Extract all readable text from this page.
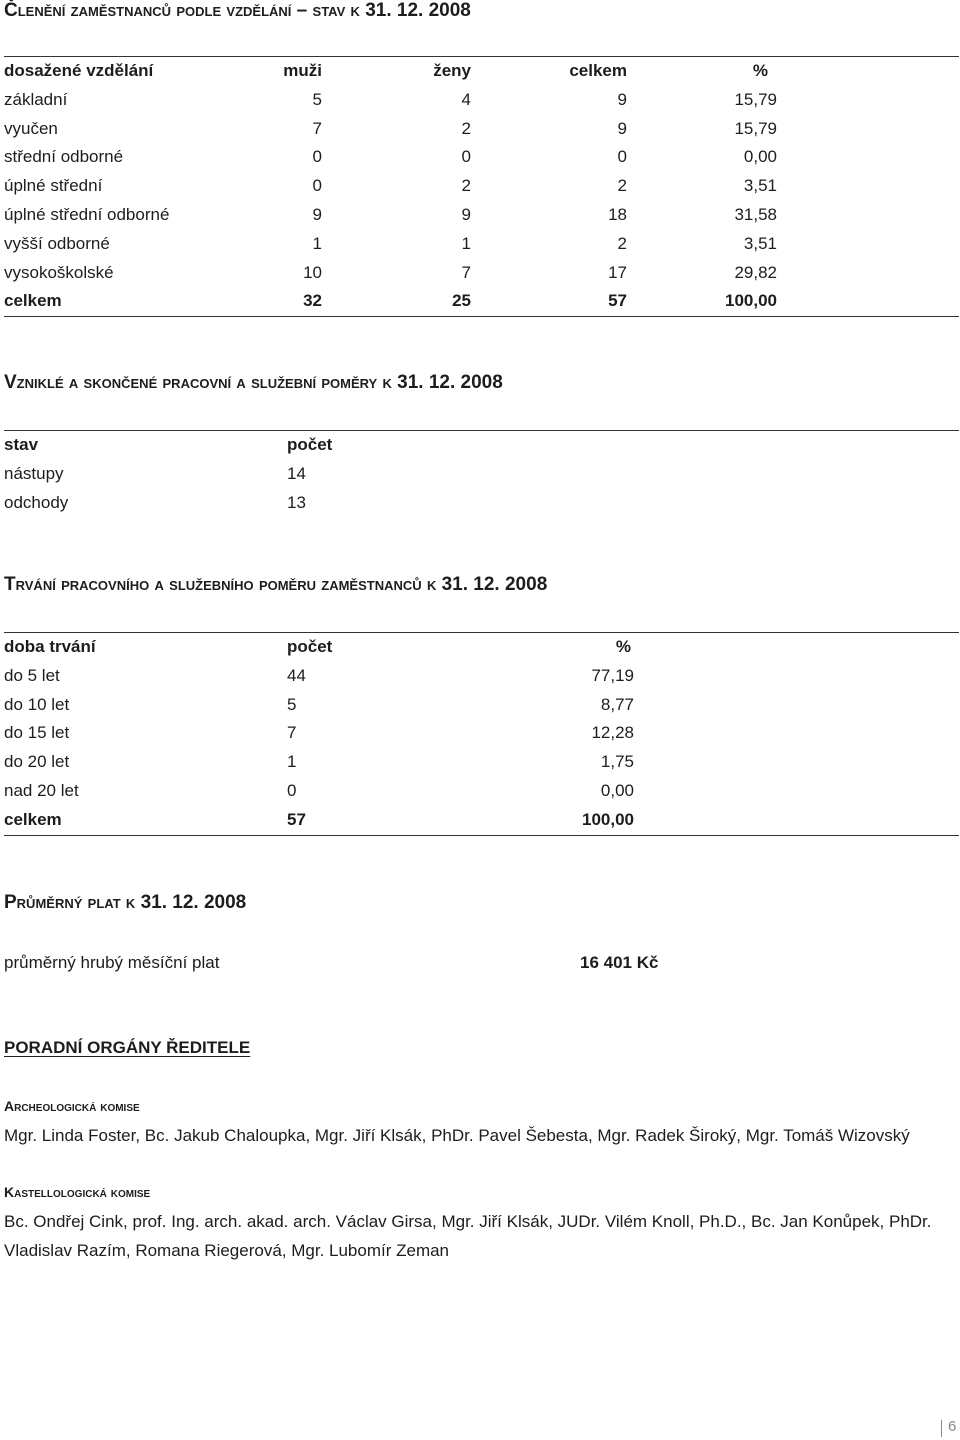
Členění zaměstnanců podle vzdělání – stav k 31. 12. 2008
dosažené vzdělání	muži	ženy	celkem	%	
základní	5	4	9	15,79	
vyučen	7	2	9	15,79	
střední odborné	0	0	0	0,00	
úplné střední	0	2	2	3,51	
úplné střední odborné	9	9	18	31,58	
vyšší odborné	1	1	2	3,51	
vysokoškolské	10	7	17	29,82	
celkem	32	25	57	100,00	
Vzniklé a skončené pracovní a služební poměry k 31. 12. 2008
stav	počet	
nástupy	14	
odchody	13	
Trvání pracovního a služebního poměru zaměstnanců k 31. 12. 2008
doba trvání	počet	%	
do 5 let	44	77,19	
do 10 let	5	8,77	
do 15 let	7	12,28	
do 20 let	1	1,75	
nad 20 let	0	0,00	
celkem	57	100,00	
Průměrný plat k 31. 12. 2008
průměrný hrubý měsíční plat	16 401 Kč
PORADNÍ ORGÁNY ŘEDITELE
Archeologická komise
Mgr. Linda Foster, Bc. Jakub Chaloupka, Mgr. Jiří Klsák, PhDr. Pavel Šebesta, Mgr. Radek Široký, Mgr. Tomáš Wizovský
Kastellologická komise
Bc. Ondřej Cink, prof. Ing. arch. akad. arch. Václav Girsa, Mgr. Jiří Klsák, JUDr. Vilém Knoll, Ph.D., Bc. Jan Konůpek, PhDr. Vladislav Razím, Romana Riegerová, Mgr. Lubomír Zeman
6
